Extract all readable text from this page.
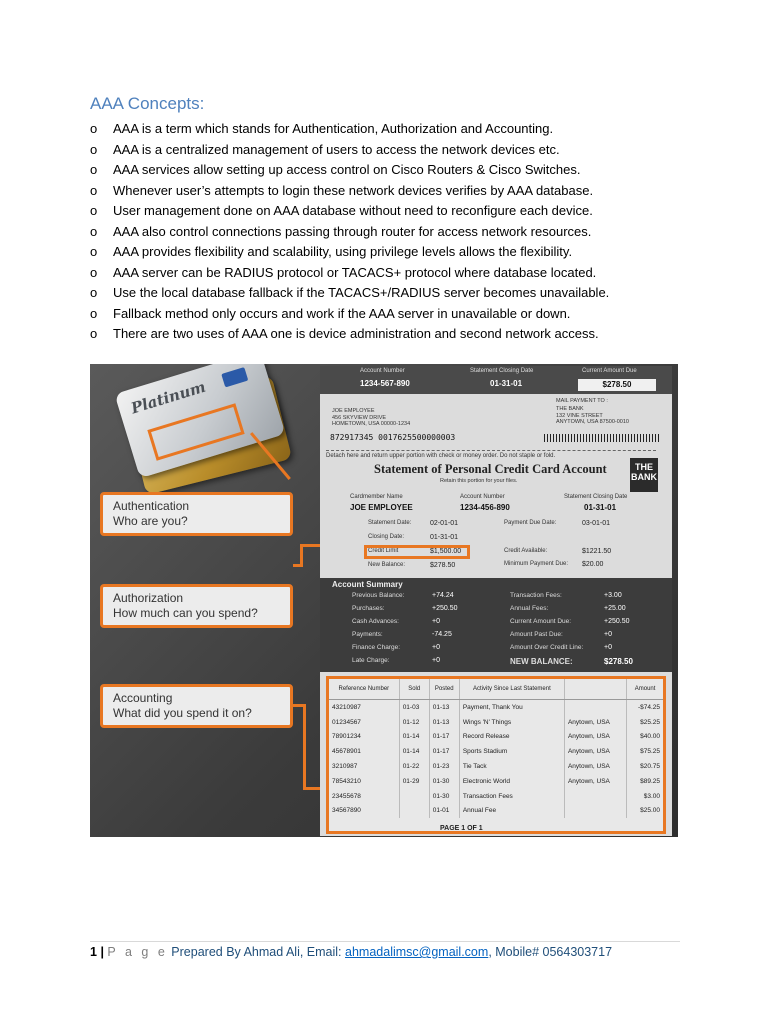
AAA Concepts:
o AAA is a term which stands for Authentication, Authorization and Accounting.
o AAA is a centralized management of users to access the network devices etc.
o AAA services allow setting up access control on Cisco Routers & Cisco Switches.
o Whenever user’s attempts to login these network devices verifies by AAA database.
o User management done on AAA database without need to reconfigure each device.
o AAA also control connections passing through router for access network resources.
o AAA provides flexibility and scalability, using privilege levels allows the flexibility.
o AAA server can be RADIUS protocol or TACACS+ protocol where database located.
o Use the local database fallback if the TACACS+/RADIUS server becomes unavailable.
o Fallback method only occurs and work if the AAA server in unavailable or down.
o There are two uses of AAA one is device administration and second network access.
Platinum
Authentication
Who are you?
Authorization
How much can you spend?
Accounting
What did you spend it on?
Account Number	Statement Closing Date	Current Amount Due
1234-567-890	01-31-01	$278.50
MAIL PAYMENT TO :
JOE EMPLOYEE
456 SKYVIEW DRIVE
HOMETOWN, USA 00000-1234
THE BANK
132 VINE STREET
ANYTOWN, USA 87500-0010
872917345 0017625500000003
Detach here and return upper portion with check or money order. Do not staple or fold.
Statement of Personal Credit Card Account
Retain this portion for your files.
THE BANK
Cardmember Name	Account Number	Statement Closing Date
JOE EMPLOYEE	1234-456-890	01-31-01
Statement Date:	02-01-01
Closing Date:	01-31-01
Credit Limit	$1,500.00
New Balance:	$278.50
Payment Due Date:	03-01-01
Credit Available:	$1221.50
Minimum Payment Due: $20.00
Account Summary
Previous Balance:	+74.24
Purchases:	+250.50
Cash Advances:	+0
Payments:	-74.25
Finance Charge:	+0
Late Charge:	+0
Transaction Fees:	+3.00
Annual Fees:	+25.00
Current Amount Due:	+250.50
Amount Past Due:	+0
Amount Over Credit Line:	+0
NEW BALANCE:	$278.50
Reference Number	Sold	Posted	Activity Since Last Statement		Amount
43210987	01-03	01-13	Payment, Thank You		-$74.25
01234567	01-12	01-13	Wings 'N' Things	Anytown, USA	$25.25
78901234	01-14	01-17	Record Release	Anytown, USA	$40.00
45678901	01-14	01-17	Sports Stadium	Anytown, USA	$75.25
3210987	01-22	01-23	Tie Tack	Anytown, USA	$20.75
78543210	01-29	01-30	Electronic World	Anytown, USA	$89.25
23455678		01-30	Transaction Fees		$3.00
34567890		01-01	Annual Fee		$25.00
PAGE 1 OF 1
1 | P a g e Prepared By Ahmad Ali, Email: ahmadalimsc@gmail.com, Mobile# 0564303717
